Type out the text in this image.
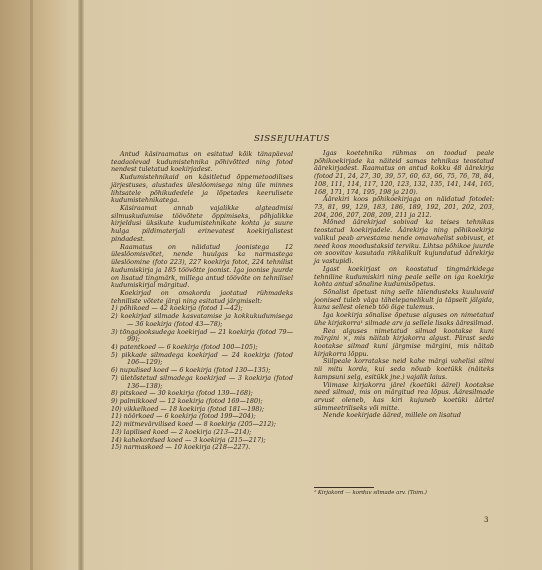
SISSEJUHATUS

Antud käsiraamatus on esitatud kõik tänapäeval teadaolevad kudumistehnika põhivõtted ning fotod nendest tuletatud koekirjadest.

Kudumistehnikaid on käsitletud õppemetoodilises järjestuses, alustades üleslöomisega ning üle minnes lihtsatele põhikudedele ja lõpetades keerulisete kudumistehnikatega.

Käsiraamat annab vajalikke algteadmisi silmuskudumise töövõtete õppimiseks, põhjalikke kirjeldusi üksikute kudumistehnikate kohta ja suure hulga pildimaterjali erinevatest koekirjalistest pindadest.

Raamatus on näidatud joonistega 12 üleslöomisvõtet, nende huulgas ka narmastega üleslöomine (foto 223), 227 koekirja fotot, 224 tehnilist kudumiskirja ja 185 töövõtte joonist. Iga joonise juurde on lisatud tingmärk, millega antud töövõte on tehnilisel kudumiskirjal märgitud.

Koekirjad on omakorda jaotatud rühmadeks tehniliste võtete järgi ning esitatud järgmiselt:

1) põhikoed — 42 koekirja (fotod 1—42);
2) koekirjad silmade kasvatamise ja kokkukudumisega — 36 koekirja (fotod 43—78);
3) tõngajooksudega koekirjad — 21 koekirja (fotod 79—99);
4) patentkoed — 6 koekirja (fotod 100—105);
5) pikkade silmadega koekirjad — 24 koekirja (fotod 106—129);
6) nupulised koed — 6 koekirja (fotod 130—135);
7) ületõstetud silmadega koekirjad — 3 koekirja (fotod 136—138);
8) pitskoed — 30 koekirja (fotod 139—168);
9) palmikkoed — 12 koekirja (fotod 169—180);
10) vikkelkoed — 18 koekirja (fotod 181—198);
11) nöörkoed — 6 koekirja (fotod 199—204);
12) mitmevärvilised koed — 8 koekirja (205—212);
13) lapilised koed — 2 koekirja (213—214);
14) kahekordsed koed — 3 koekirja (215—217);
15) narmaskoed — 10 koekirja (218—227).

Igas koetehnika rühmas on toodud peale põhikoekirjade ka näiteid samas tehnikas teostatud äärekirjadest. Raamatus on antud kokku 48 äärekirja (fotod 21, 24, 27, 30, 39, 57, 60, 63, 66, 75, 76, 78, 84, 108, 111, 114, 117, 120, 123, 132, 135, 141, 144, 165, 168, 171, 174, 195, 198 ja 210).

Äärekiri koos põhikoekirjaga on näidatud fotodel: 73, 81, 99, 129, 183, 186, 189, 192, 201, 202, 203, 204, 206, 207, 208, 209, 211 ja 212.

Mõned äärekirjad sobivad ka teises tehnikas teostatud koekirjadele. Äärekirja ning põhikoekirja valikul peab arvestama nende omavahelist sobivust, et need koos moodustaksid terviku. Lihtsa põhikoe juurde on soovitav kasutada rikkalikult kujundatud äärekirja ja vastupidi.

Igast koekirjast on koostatud tingmärkidega tehniline kudumiskiri ning peale selle on iga koekirja kohta antud sõnaline kudumisõpetus.

Sõnalist õpetust ning selle täiendusteks kuuluvaid joonised tuleb väga tähelepanelikult ja täpselt jälgida, kuna sellest oleneb töö õige tulemus.

Iga koekirja sõnalise õpetuse alguses on nimetatud ühe kirjakorra¹ silmade arv ja sellele lisaks ääresilmad.

Rea alguses nimetatud silmad kootakse kuni märgini ×, mis näitab kirjakorra algust. Pärast seda kootakse silmad kuni järgmise märgini, mis näitab kirjakorra lõppu.

Siilpeale korratakse neid kahe märgi vahelisi silmi nii mitu korda, kui seda nõuab koetükk (näiteks kampsuni selg, esitükk jne.) vajalik laius.

Viimase kirjakorra järel (koetüki äärel) kootakse need silmad, mis on märgitud rea lõpus. Ääresilmade arvust oleneb, kas kiri kujuneb koetüki äärtel sümmeetriliseks või mitte.

Nende koekirjade ääred, millele on lisatud

¹ Kirjakord — korduv silmade arv. (Toim.)
3
